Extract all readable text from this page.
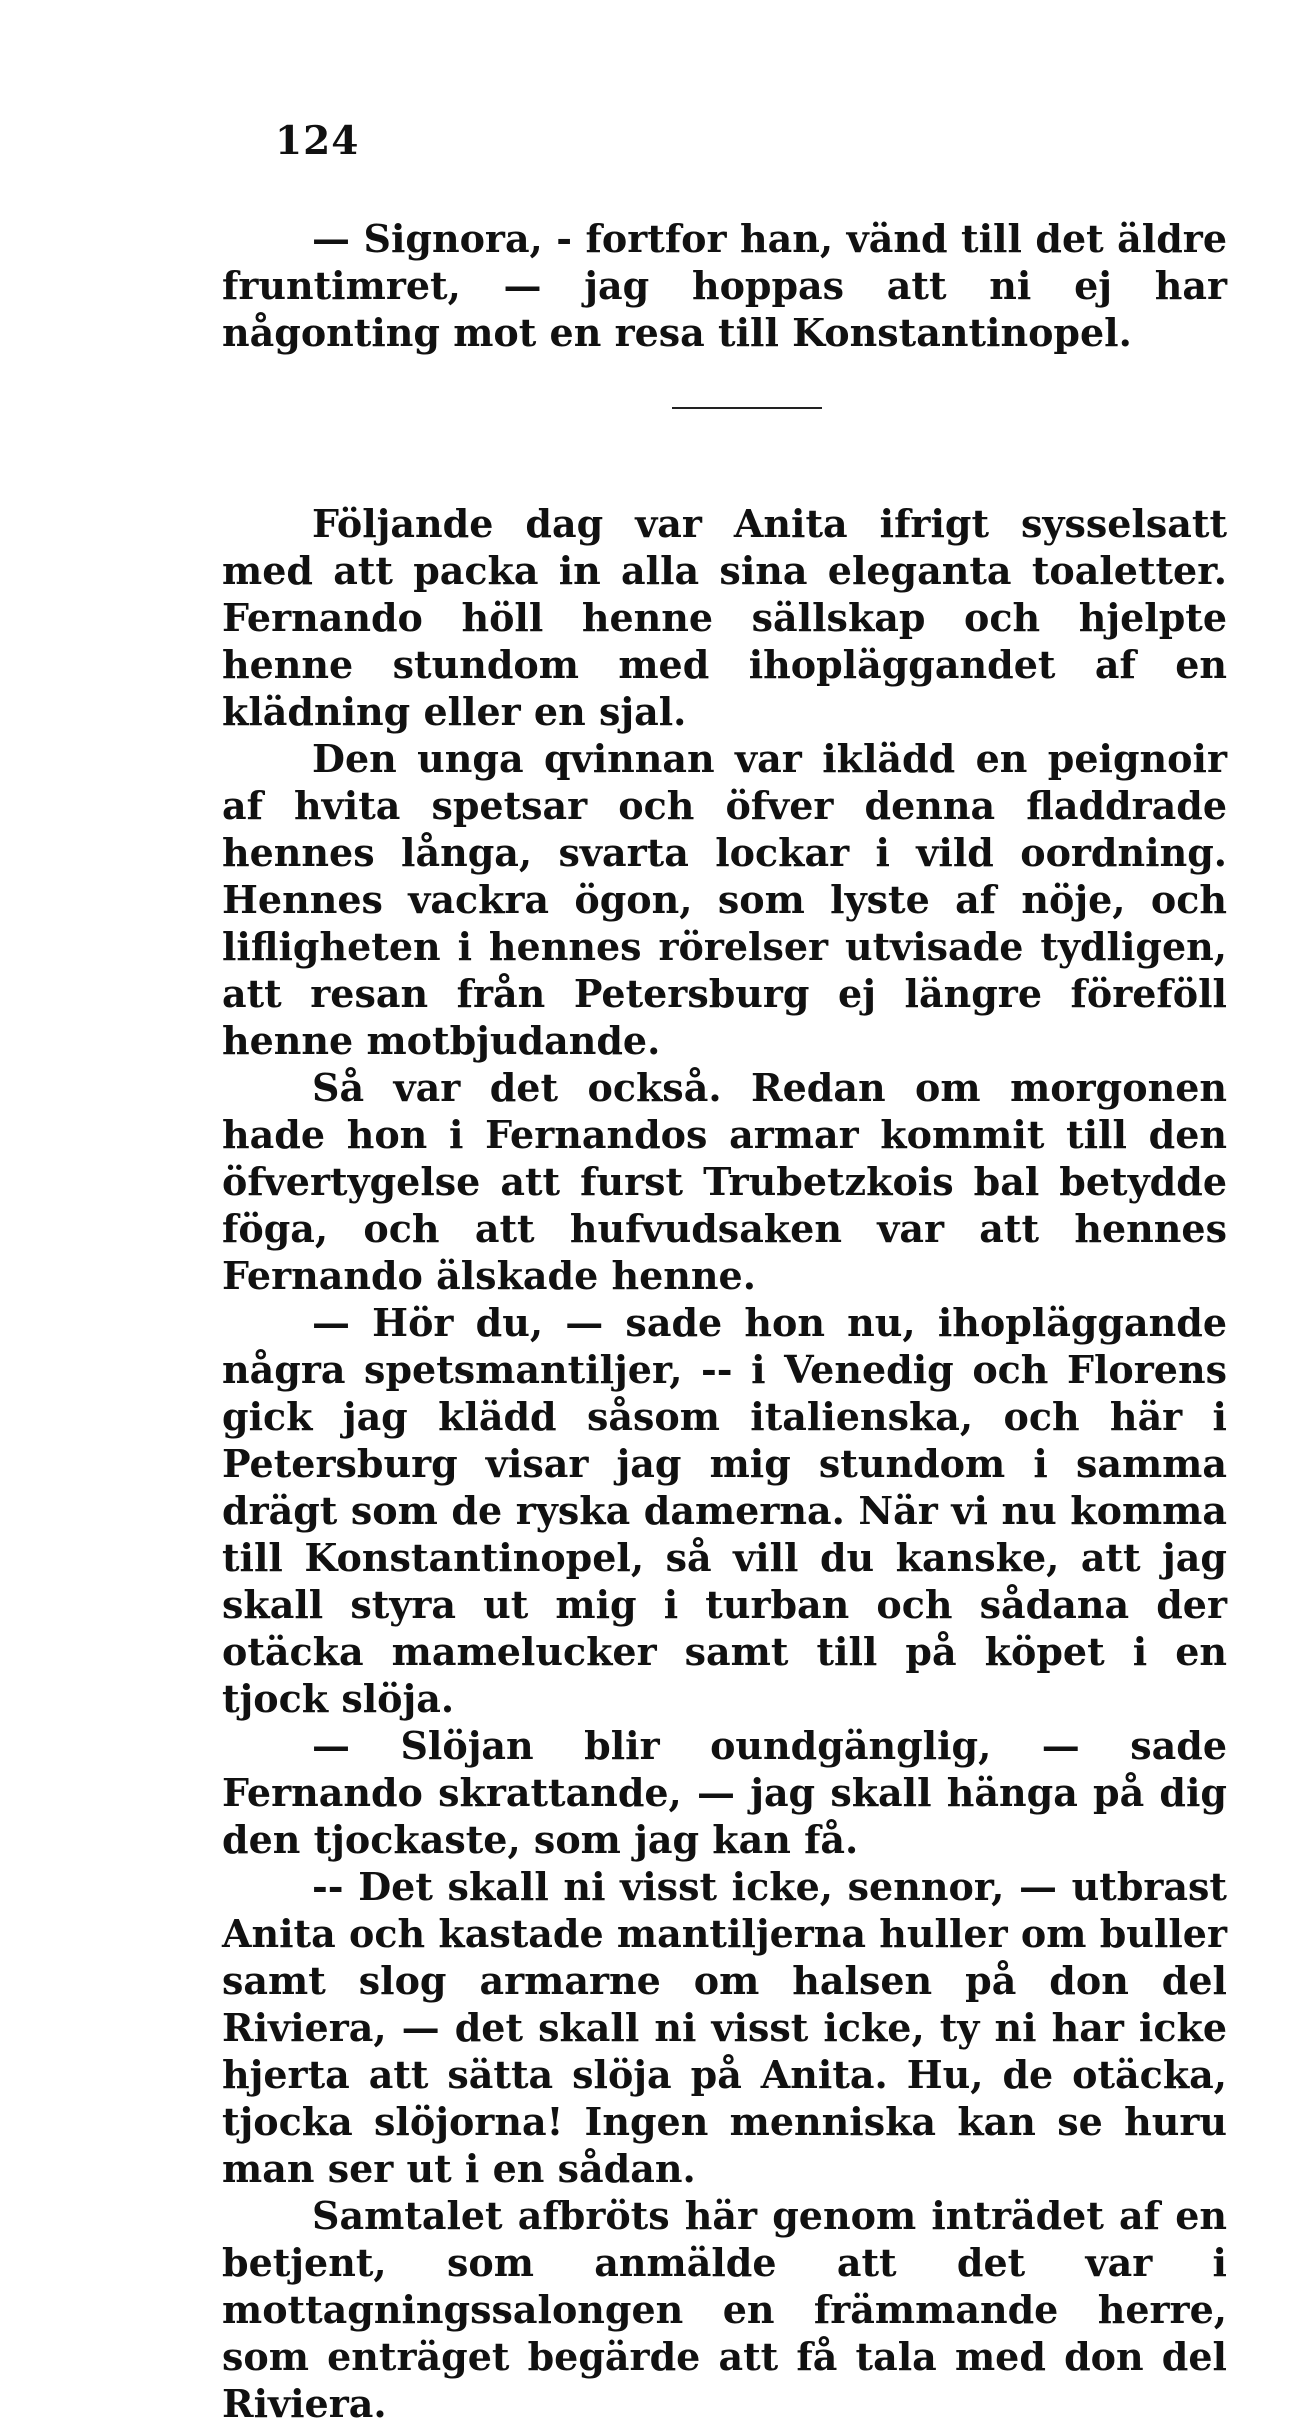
124

— Signora, - fortfor han, vänd till det äldre fruntimret, — jag hoppas att ni ej har någonting mot en resa till Konstantinopel.

Följande dag var Anita ifrigt sysselsatt med att packa in alla sina eleganta toaletter. Fernando höll henne sällskap och hjelpte henne stundom med ihopläggandet af en klädning eller en sjal.

Den unga qvinnan var iklädd en peignoir af hvita spetsar och öfver denna fladdrade hennes långa, svarta lockar i vild oordning. Hennes vackra ögon, som lyste af nöje, och lifligheten i hennes rörelser utvisade tydligen, att resan från Petersburg ej längre föreföll henne motbjudande.

Så var det också. Redan om morgonen hade hon i Fernandos armar kommit till den öfvertygelse att furst Trubetzkois bal betydde föga, och att hufvudsaken var att hennes Fernando älskade henne.

— Hör du, — sade hon nu, ihopläggande några spetsmantiljer, -- i Venedig och Florens gick jag klädd såsom italienska, och här i Petersburg visar jag mig stundom i samma drägt som de ryska damerna. När vi nu komma till Konstantinopel, så vill du kanske, att jag skall styra ut mig i turban och sådana der otäcka mamelucker samt till på köpet i en tjock slöja.

— Slöjan blir oundgänglig, — sade Fernando skrattande, — jag skall hänga på dig den tjockaste, som jag kan få.

-- Det skall ni visst icke, sennor, — utbrast Anita och kastade mantiljerna huller om buller samt slog armarne om halsen på don del Riviera, — det skall ni visst icke, ty ni har icke hjerta att sätta slöja på Anita. Hu, de otäcka, tjocka slöjorna! Ingen menniska kan se huru man ser ut i en sådan.

Samtalet afbröts här genom inträdet af en betjent, som anmälde att det var i mottagningssalongen en främmande herre, som enträget begärde att få tala med don del Riviera.
